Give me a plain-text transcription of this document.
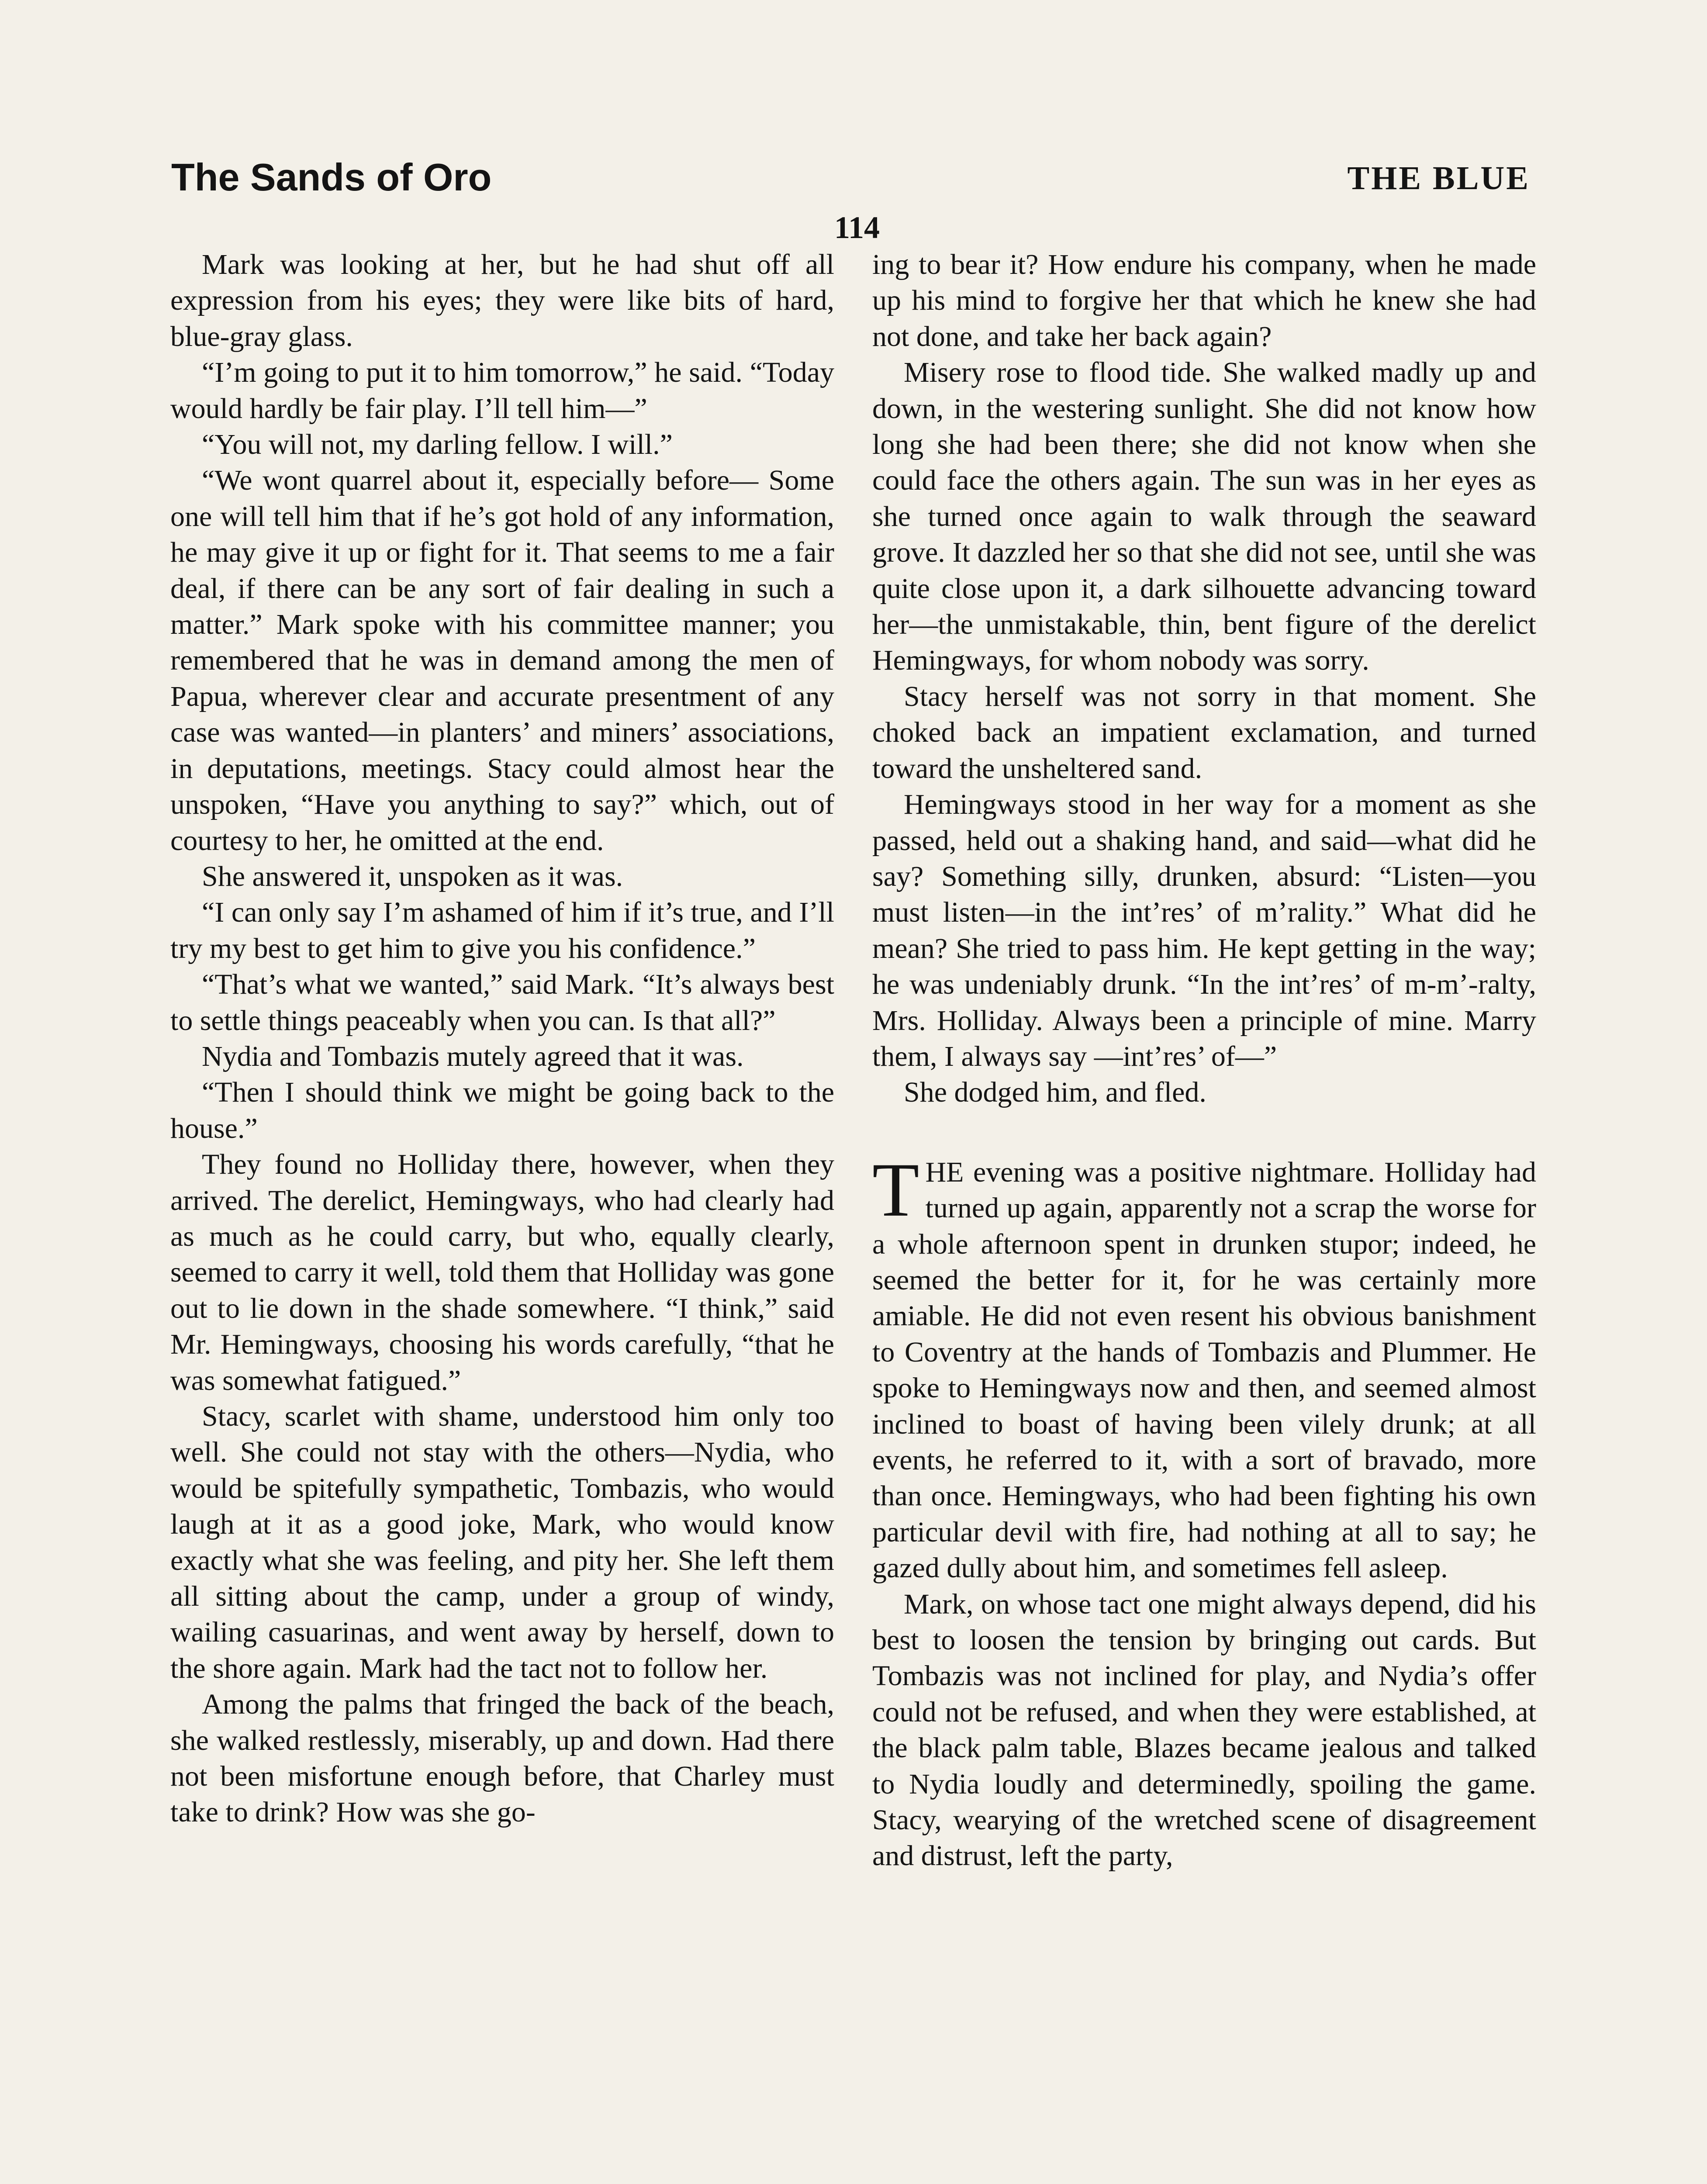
The Sands of Oro	THE BLUE
114

Mark was looking at her, but he had shut off all expression from his eyes; they were like bits of hard, blue-gray glass.

“I’m going to put it to him tomorrow,” he said. “Today would hardly be fair play. I’ll tell him—”

“You will not, my darling fellow. I will.”

“We wont quarrel about it, especially before— Some one will tell him that if he’s got hold of any information, he may give it up or fight for it. That seems to me a fair deal, if there can be any sort of fair dealing in such a matter.” Mark spoke with his committee manner; you remembered that he was in demand among the men of Papua, wherever clear and accurate presentment of any case was wanted—in planters’ and miners’ associations, in deputations, meetings. Stacy could almost hear the unspoken, “Have you anything to say?” which, out of courtesy to her, he omitted at the end.

She answered it, unspoken as it was.

“I can only say I’m ashamed of him if it’s true, and I’ll try my best to get him to give you his confidence.”

“That’s what we wanted,” said Mark. “It’s always best to settle things peaceably when you can. Is that all?”

Nydia and Tombazis mutely agreed that it was.

“Then I should think we might be going back to the house.”

They found no Holliday there, however, when they arrived. The derelict, Hemingways, who had clearly had as much as he could carry, but who, equally clearly, seemed to carry it well, told them that Holliday was gone out to lie down in the shade somewhere. “I think,” said Mr. Hemingways, choosing his words carefully, “that he was somewhat fatigued.”

Stacy, scarlet with shame, understood him only too well. She could not stay with the others—Nydia, who would be spitefully sympathetic, Tombazis, who would laugh at it as a good joke, Mark, who would know exactly what she was feeling, and pity her. She left them all sitting about the camp, under a group of windy, wailing casuarinas, and went away by herself, down to the shore again. Mark had the tact not to follow her.

Among the palms that fringed the back of the beach, she walked restlessly, miserably, up and down. Had there not been misfortune enough before, that Charley must take to drink? How was she go-

ing to bear it? How endure his company, when he made up his mind to forgive her that which he knew she had not done, and take her back again?

Misery rose to flood tide. She walked madly up and down, in the westering sunlight. She did not know how long she had been there; she did not know when she could face the others again. The sun was in her eyes as she turned once again to walk through the seaward grove. It dazzled her so that she did not see, until she was quite close upon it, a dark silhouette advancing toward her—the unmistakable, thin, bent figure of the derelict Hemingways, for whom nobody was sorry.

Stacy herself was not sorry in that moment. She choked back an impatient exclamation, and turned toward the unsheltered sand.

Hemingways stood in her way for a moment as she passed, held out a shaking hand, and said—what did he say? Something silly, drunken, absurd: “Listen—you must listen—in the int’res’ of m’rality.” What did he mean? She tried to pass him. He kept getting in the way; he was undeniably drunk. “In the int’res’ of m-m’-ralty, Mrs. Holliday. Always been a principle of mine. Marry them, I always say —int’res’ of—”

She dodged him, and fled.

THE evening was a positive nightmare. Holliday had turned up again, apparently not a scrap the worse for a whole afternoon spent in drunken stupor; indeed, he seemed the better for it, for he was certainly more amiable. He did not even resent his obvious banishment to Coventry at the hands of Tombazis and Plummer. He spoke to Hemingways now and then, and seemed almost inclined to boast of having been vilely drunk; at all events, he referred to it, with a sort of bravado, more than once. Hemingways, who had been fighting his own particular devil with fire, had nothing at all to say; he gazed dully about him, and sometimes fell asleep.

Mark, on whose tact one might always depend, did his best to loosen the tension by bringing out cards. But Tombazis was not inclined for play, and Nydia’s offer could not be refused, and when they were established, at the black palm table, Blazes became jealous and talked to Nydia loudly and determinedly, spoiling the game. Stacy, wearying of the wretched scene of disagreement and distrust, left the party,
